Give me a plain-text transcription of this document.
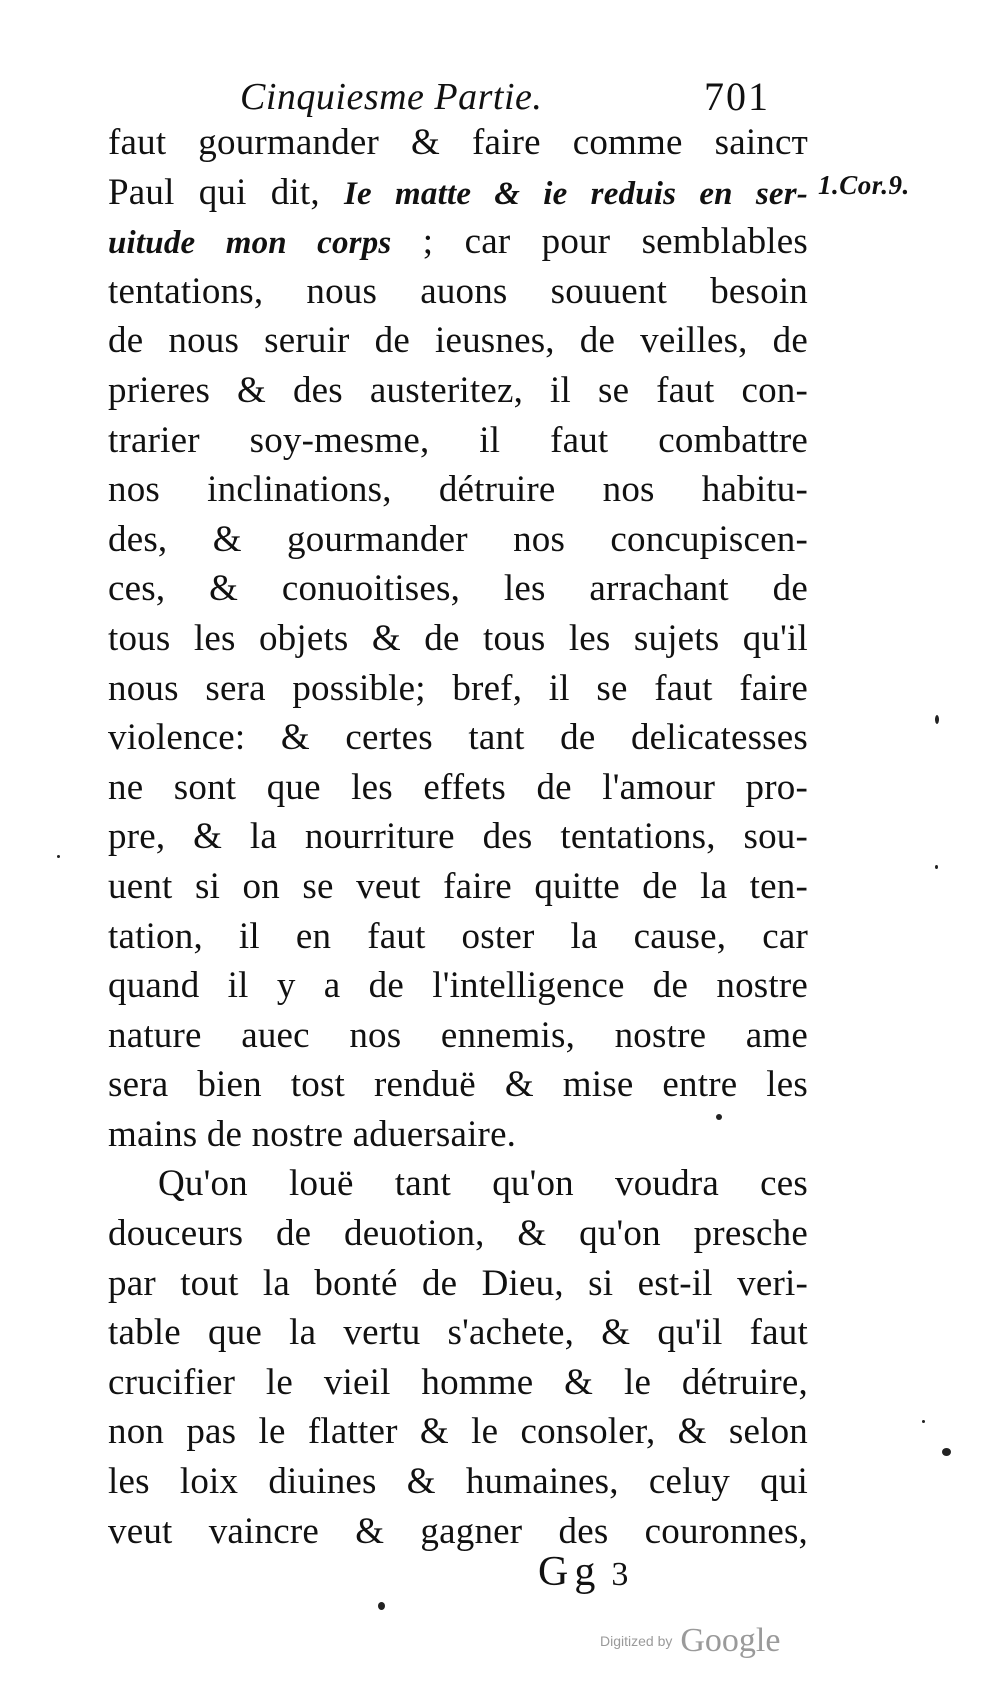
Cinquiesme Partie.	701
1.Cor.9.
faut gourmander & faire comme saincт
Paul qui dit, Ie matte & ie reduis en ser-
uitude mon corps ; car pour semblables
tentations, nous auons souuent besoin
de nous seruir de ieusnes, de veilles, de
prieres & des austeritez, il se faut con-
trarier soy-mesme, il faut combattre
nos inclinations, détruire nos habitu-
des, & gourmander nos concupiscen-
ces, & conuoitises, les arrachant de
tous les objets & de tous les sujets qu'il
nous sera possible; bref, il se faut faire
violence: & certes tant de delicatesses
ne sont que les effets de l'amour pro-
pre, & la nourriture des tentations, sou-
uent si on se veut faire quitte de la ten-
tation, il en faut oster la cause, car
quand il y a de l'intelligence de nostre
nature auec nos ennemis, nostre ame
sera bien tost renduë & mise entre les
mains de nostre aduersaire.
Qu'on louë tant qu'on voudra ces
douceurs de deuotion, & qu'on presche
par tout la bonté de Dieu, si est-il veri-
table que la vertu s'achete, & qu'il faut
crucifier le vieil homme & le détruire,
non pas le flatter & le consoler, & selon
les loix diuines & humaines, celuy qui
veut vaincre & gagner des couronnes,
Gg 3
Digitized by Google
